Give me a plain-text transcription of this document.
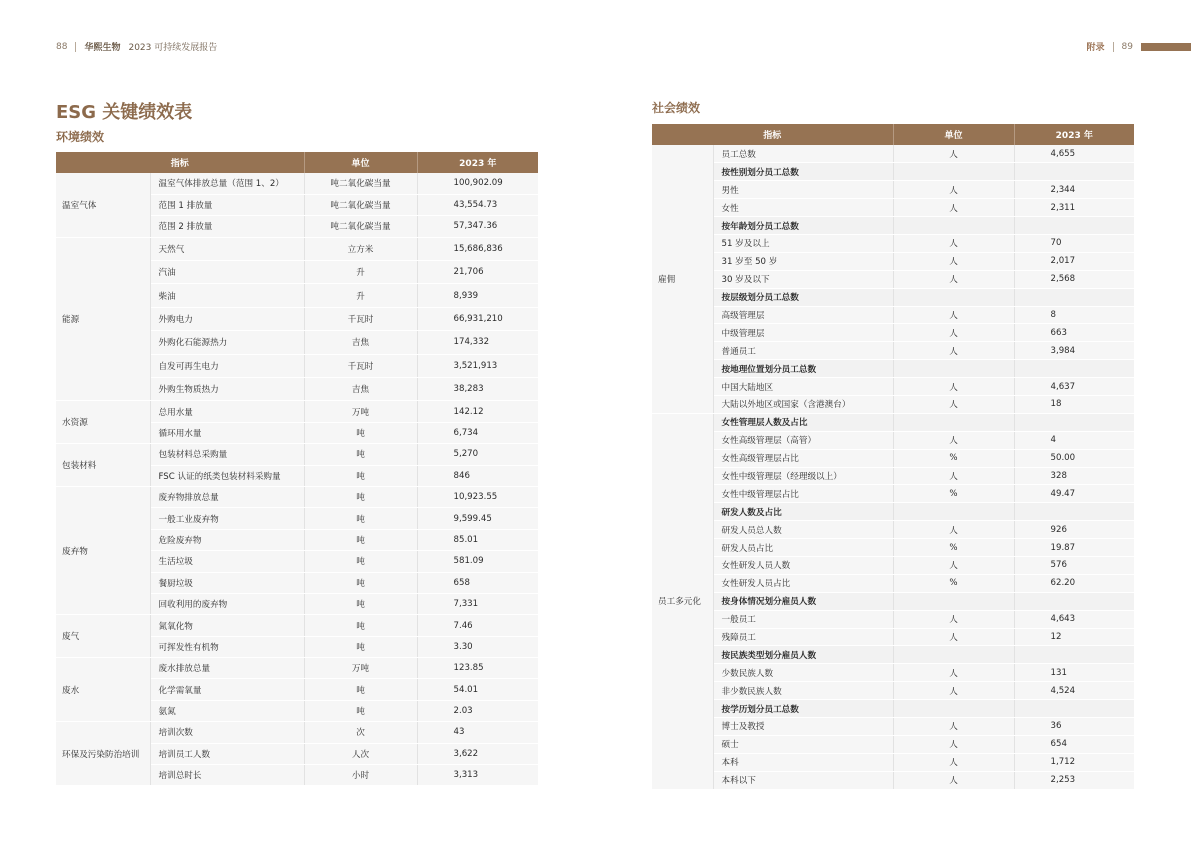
88 华熙生物 2023 可持续发展报告
ESG 关键绩效表
环境绩效
指标		单位	2023 年
温室气体	温室气体排放总量（范围 1、2）	吨二氧化碳当量	100,902.09
	范围 1 排放量	吨二氧化碳当量	43,554.73
	范围 2 排放量	吨二氧化碳当量	57,347.36
能源	天然气	立方米	15,686,836
	汽油	升	21,706
	柴油	升	8,939
	外购电力	千瓦时	66,931,210
	外购化石能源热力	吉焦	174,332
	自发可再生电力	千瓦时	3,521,913
	外购生物质热力	吉焦	38,283
水资源	总用水量	万吨	142.12
	循环用水量	吨	6,734
包装材料	包装材料总采购量	吨	5,270
	FSC 认证的纸类包装材料采购量	吨	846
废弃物	废弃物排放总量	吨	10,923.55
	一般工业废弃物	吨	9,599.45
	危险废弃物	吨	85.01
	生活垃圾	吨	581.09
	餐厨垃圾	吨	658
	回收利用的废弃物	吨	7,331
废气	氮氧化物	吨	7.46
	可挥发性有机物	吨	3.30
废水	废水排放总量	万吨	123.85
	化学需氧量	吨	54.01
	氨氮	吨	2.03
环保及污染防治培训	培训次数	次	43
	培训员工人数	人次	3,622
	培训总时长	小时	3,313
附录 89
社会绩效
指标		单位	2023 年
雇佣	员工总数	人	4,655
	按性别划分员工总数		
	男性	人	2,344
	女性	人	2,311
	按年龄划分员工总数		
	51 岁及以上	人	70
	31 岁至 50 岁	人	2,017
	30 岁及以下	人	2,568
	按层级划分员工总数		
	高级管理层	人	8
	中级管理层	人	663
	普通员工	人	3,984
	按地理位置划分员工总数		
	中国大陆地区	人	4,637
	大陆以外地区或国家（含港澳台）	人	18
员工多元化	女性管理层人数及占比		
	女性高级管理层（高管）	人	4
	女性高级管理层占比	%	50.00
	女性中级管理层（经理级以上）	人	328
	女性中级管理层占比	%	49.47
	研发人数及占比		
	研发人员总人数	人	926
	研发人员占比	%	19.87
	女性研发人员人数	人	576
	女性研发人员占比	%	62.20
	按身体情况划分雇员人数		
	一般员工	人	4,643
	残障员工	人	12
	按民族类型划分雇员人数		
	少数民族人数	人	131
	非少数民族人数	人	4,524
	按学历划分员工总数		
	博士及教授	人	36
	硕士	人	654
	本科	人	1,712
	本科以下	人	2,253
